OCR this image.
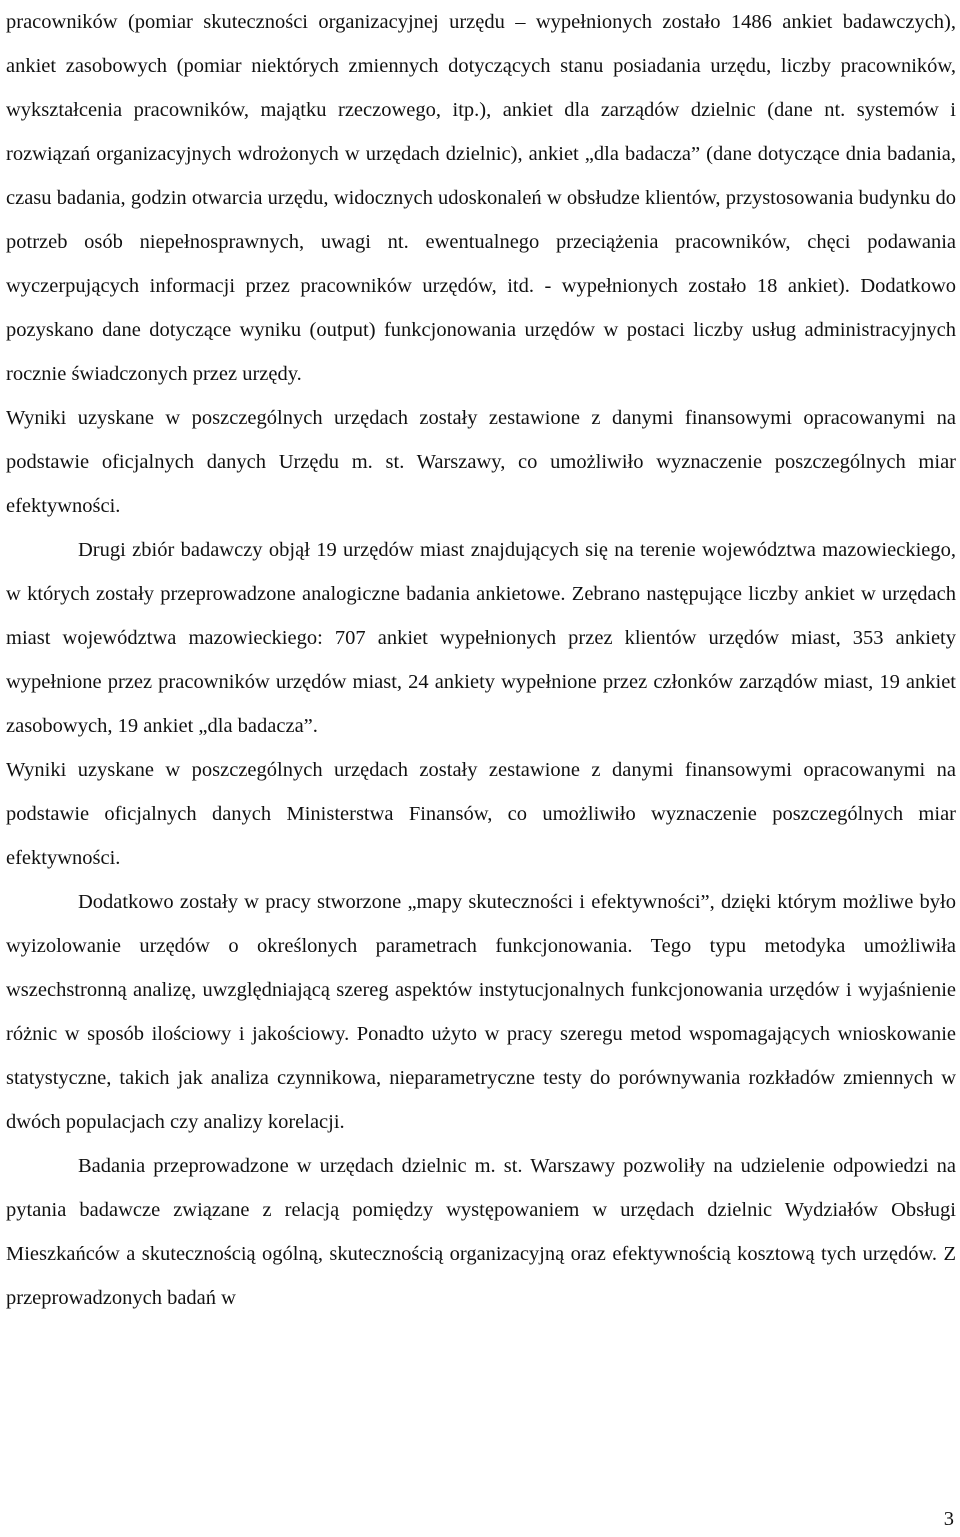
pracowników (pomiar skuteczności organizacyjnej urzędu – wypełnionych zostało 1486 ankiet badawczych), ankiet zasobowych (pomiar niektórych zmiennych dotyczących stanu posiadania urzędu, liczby pracowników, wykształcenia pracowników, majątku rzeczowego, itp.), ankiet dla zarządów dzielnic (dane nt. systemów i rozwiązań organizacyjnych wdrożonych w urzędach dzielnic), ankiet „dla badacza” (dane dotyczące dnia badania, czasu badania, godzin otwarcia urzędu, widocznych udoskonaleń w obsłudze klientów, przystosowania budynku do potrzeb osób niepełnosprawnych, uwagi nt. ewentualnego przeciążenia pracowników, chęci podawania wyczerpujących informacji przez pracowników urzędów, itd. - wypełnionych zostało 18 ankiet). Dodatkowo pozyskano dane dotyczące wyniku (output) funkcjonowania urzędów w postaci liczby usług administracyjnych rocznie świadczonych przez urzędy.

Wyniki uzyskane w poszczególnych urzędach zostały zestawione z danymi finansowymi opracowanymi na podstawie oficjalnych danych Urzędu m. st. Warszawy, co umożliwiło wyznaczenie poszczególnych miar efektywności.

Drugi zbiór badawczy objął 19 urzędów miast znajdujących się na terenie województwa mazowieckiego, w których zostały przeprowadzone analogiczne badania ankietowe. Zebrano następujące liczby ankiet w urzędach miast województwa mazowieckiego: 707 ankiet wypełnionych przez klientów urzędów miast, 353 ankiety wypełnione przez pracowników urzędów miast, 24 ankiety wypełnione przez członków zarządów miast, 19 ankiet zasobowych, 19 ankiet „dla badacza”.

Wyniki uzyskane w poszczególnych urzędach zostały zestawione z danymi finansowymi opracowanymi na podstawie oficjalnych danych Ministerstwa Finansów, co umożliwiło wyznaczenie poszczególnych miar efektywności.

Dodatkowo zostały w pracy stworzone „mapy skuteczności i efektywności”, dzięki którym możliwe było wyizolowanie urzędów o określonych parametrach funkcjonowania. Tego typu metodyka umożliwiła wszechstronną analizę, uwzględniającą szereg aspektów instytucjonalnych funkcjonowania urzędów i wyjaśnienie różnic w sposób ilościowy i jakościowy. Ponadto użyto w pracy szeregu metod wspomagających wnioskowanie statystyczne, takich jak analiza czynnikowa, nieparametryczne testy do porównywania rozkładów zmiennych w dwóch populacjach czy analizy korelacji.

Badania przeprowadzone w urzędach dzielnic m. st. Warszawy pozwoliły na udzielenie odpowiedzi na pytania badawcze związane z relacją pomiędzy występowaniem w urzędach dzielnic Wydziałów Obsługi Mieszkańców a skutecznością ogólną, skutecznością organizacyjną oraz efektywnością kosztową tych urzędów. Z przeprowadzonych badań w

3
